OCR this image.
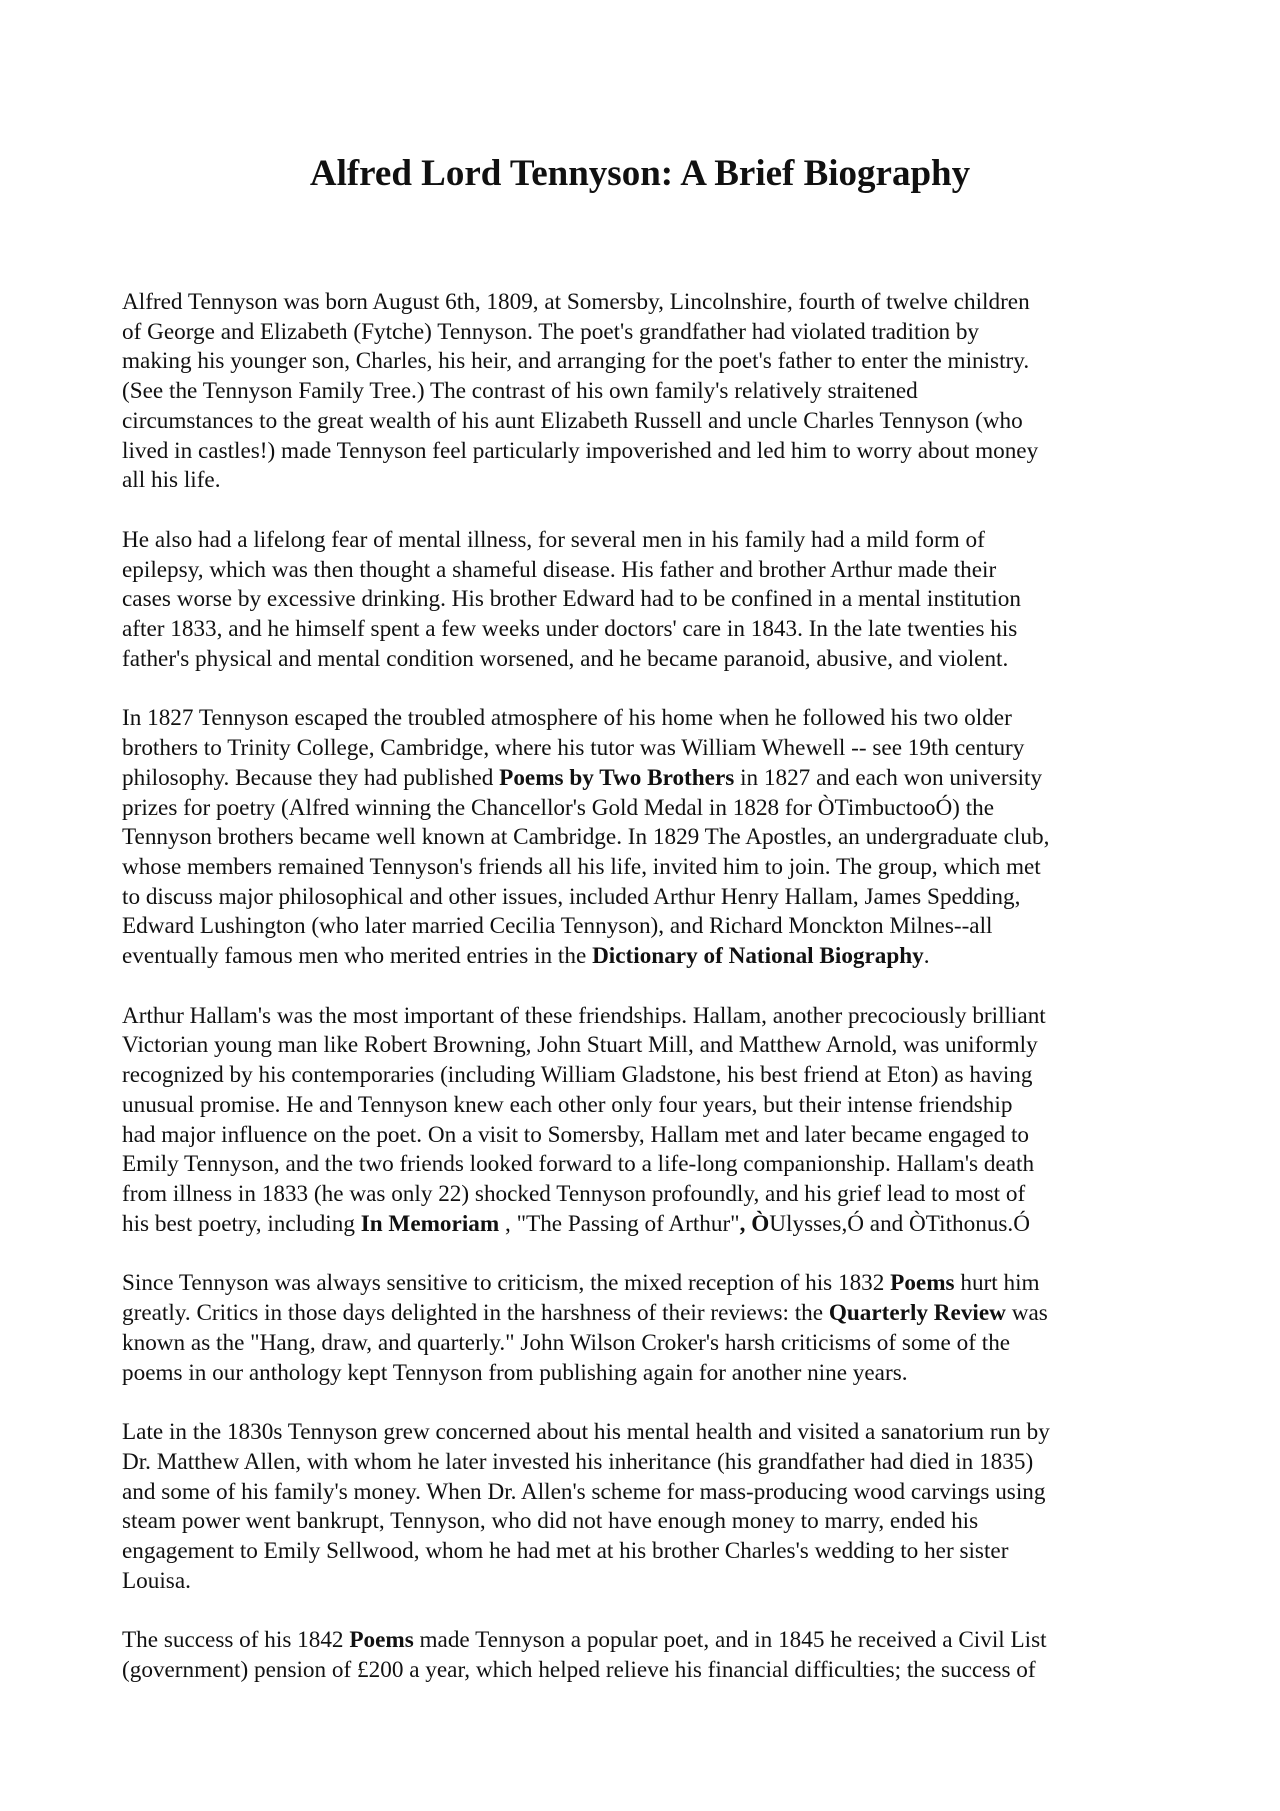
Alfred Lord Tennyson: A Brief Biography

Alfred Tennyson was born August 6th, 1809, at Somersby, Lincolnshire, fourth of twelve children
of George and Elizabeth (Fytche) Tennyson. The poet's grandfather had violated tradition by
making his younger son, Charles, his heir, and arranging for the poet's father to enter the ministry.
(See the Tennyson Family Tree.) The contrast of his own family's relatively straitened
circumstances to the great wealth of his aunt Elizabeth Russell and uncle Charles Tennyson (who
lived in castles!) made Tennyson feel particularly impoverished and led him to worry about money
all his life.

He also had a lifelong fear of mental illness, for several men in his family had a mild form of
epilepsy, which was then thought a shameful disease. His father and brother Arthur made their
cases worse by excessive drinking. His brother Edward had to be confined in a mental institution
after 1833, and he himself spent a few weeks under doctors' care in 1843. In the late twenties his
father's physical and mental condition worsened, and he became paranoid, abusive, and violent.

In 1827 Tennyson escaped the troubled atmosphere of his home when he followed his two older
brothers to Trinity College, Cambridge, where his tutor was William Whewell -- see 19th century
philosophy. Because they had published Poems by Two Brothers in 1827 and each won university
prizes for poetry (Alfred winning the Chancellor's Gold Medal in 1828 for ÒTimbuctooÓ) the
Tennyson brothers became well known at Cambridge. In 1829 The Apostles, an undergraduate club,
whose members remained Tennyson's friends all his life, invited him to join. The group, which met
to discuss major philosophical and other issues, included Arthur Henry Hallam, James Spedding,
Edward Lushington (who later married Cecilia Tennyson), and Richard Monckton Milnes--all
eventually famous men who merited entries in the Dictionary of National Biography.

Arthur Hallam's was the most important of these friendships. Hallam, another precociously brilliant
Victorian young man like Robert Browning, John Stuart Mill, and Matthew Arnold, was uniformly
recognized by his contemporaries (including William Gladstone, his best friend at Eton) as having
unusual promise. He and Tennyson knew each other only four years, but their intense friendship
had major influence on the poet. On a visit to Somersby, Hallam met and later became engaged to
Emily Tennyson, and the two friends looked forward to a life-long companionship. Hallam's death
from illness in 1833 (he was only 22) shocked Tennyson profoundly, and his grief lead to most of
his best poetry, including In Memoriam , "The Passing of Arthur", ÒUlysses,Ó and ÒTithonus.Ó

Since Tennyson was always sensitive to criticism, the mixed reception of his 1832 Poems hurt him
greatly. Critics in those days delighted in the harshness of their reviews: the Quarterly Review was
known as the "Hang, draw, and quarterly." John Wilson Croker's harsh criticisms of some of the
poems in our anthology kept Tennyson from publishing again for another nine years.

Late in the 1830s Tennyson grew concerned about his mental health and visited a sanatorium run by
Dr. Matthew Allen, with whom he later invested his inheritance (his grandfather had died in 1835)
and some of his family's money. When Dr. Allen's scheme for mass-producing wood carvings using
steam power went bankrupt, Tennyson, who did not have enough money to marry, ended his
engagement to Emily Sellwood, whom he had met at his brother Charles's wedding to her sister
Louisa.

The success of his 1842 Poems made Tennyson a popular poet, and in 1845 he received a Civil List
(government) pension of £200 a year, which helped relieve his financial difficulties; the success of
